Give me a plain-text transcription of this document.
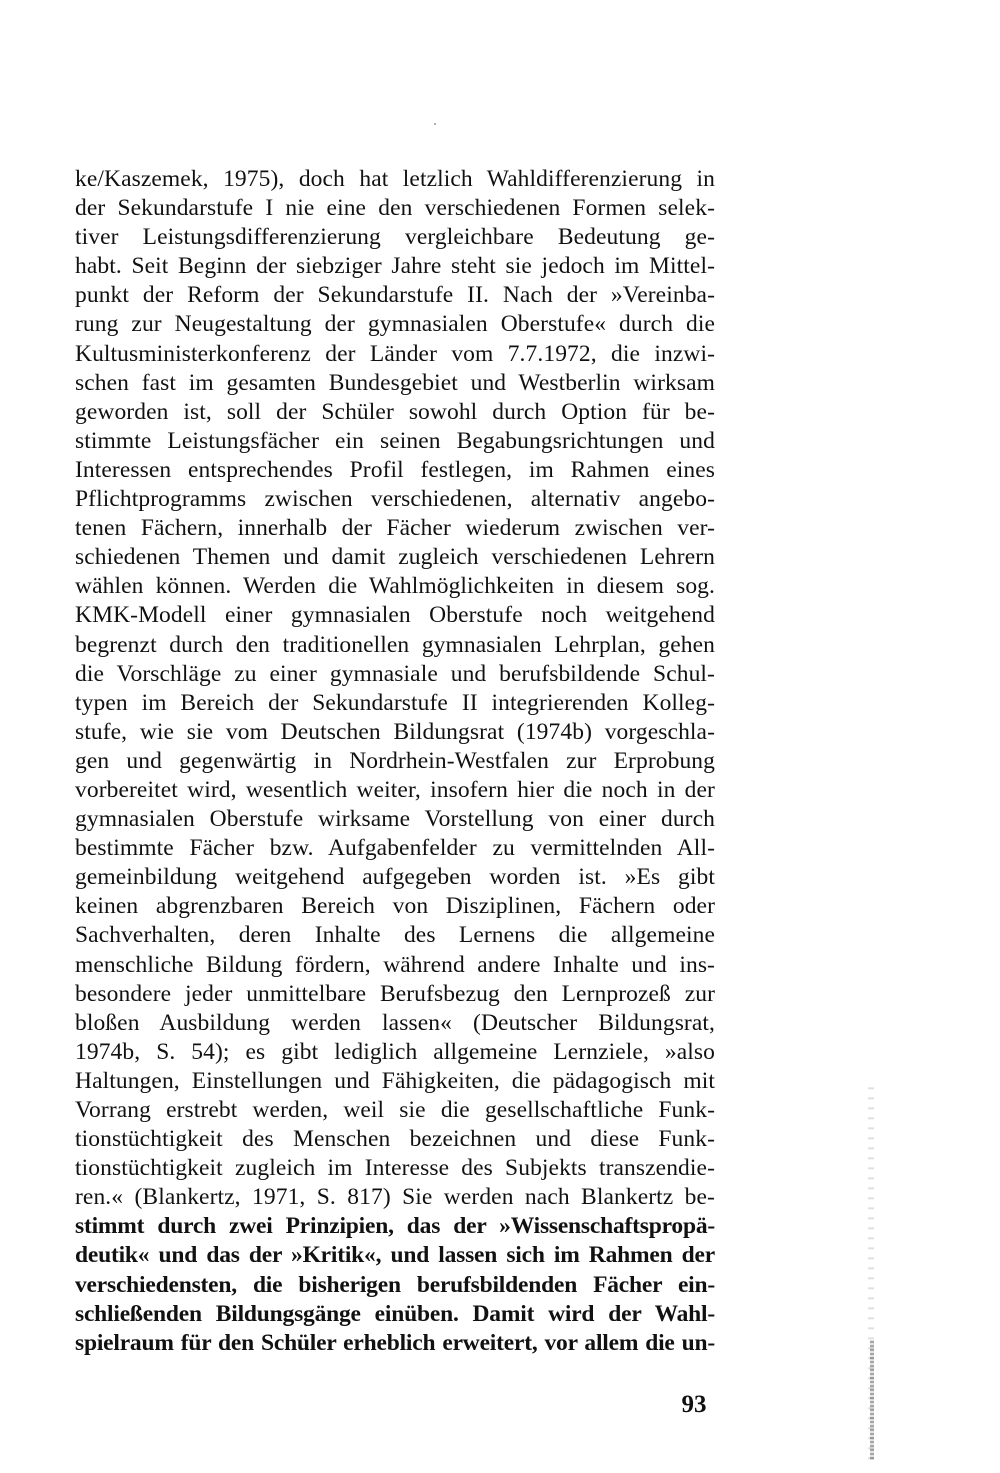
ke/Kaszemek, 1975), doch hat letzlich Wahldifferenzierung in
der Sekundarstufe I nie eine den verschiedenen Formen selek-
tiver Leistungsdifferenzierung vergleichbare Bedeutung ge-
habt. Seit Beginn der siebziger Jahre steht sie jedoch im Mittel-
punkt der Reform der Sekundarstufe II. Nach der »Vereinba-
rung zur Neugestaltung der gymnasialen Oberstufe« durch die
Kultusministerkonferenz der Länder vom 7.7.1972, die inzwi-
schen fast im gesamten Bundesgebiet und Westberlin wirksam
geworden ist, soll der Schüler sowohl durch Option für be-
stimmte Leistungsfächer ein seinen Begabungsrichtungen und
Interessen entsprechendes Profil festlegen, im Rahmen eines
Pflichtprogramms zwischen verschiedenen, alternativ angebo-
tenen Fächern, innerhalb der Fächer wiederum zwischen ver-
schiedenen Themen und damit zugleich verschiedenen Lehrern
wählen können. Werden die Wahlmöglichkeiten in diesem sog.
KMK-Modell einer gymnasialen Oberstufe noch weitgehend
begrenzt durch den traditionellen gymnasialen Lehrplan, gehen
die Vorschläge zu einer gymnasiale und berufsbildende Schul-
typen im Bereich der Sekundarstufe II integrierenden Kolleg-
stufe, wie sie vom Deutschen Bildungsrat (1974b) vorgeschla-
gen und gegenwärtig in Nordrhein-Westfalen zur Erprobung
vorbereitet wird, wesentlich weiter, insofern hier die noch in der
gymnasialen Oberstufe wirksame Vorstellung von einer durch
bestimmte Fächer bzw. Aufgabenfelder zu vermittelnden All-
gemeinbildung weitgehend aufgegeben worden ist. »Es gibt
keinen abgrenzbaren Bereich von Disziplinen, Fächern oder
Sachverhalten, deren Inhalte des Lernens die allgemeine
menschliche Bildung fördern, während andere Inhalte und ins-
besondere jeder unmittelbare Berufsbezug den Lernprozeß zur
bloßen Ausbildung werden lassen« (Deutscher Bildungsrat,
1974b, S. 54); es gibt lediglich allgemeine Lernziele, »also
Haltungen, Einstellungen und Fähigkeiten, die pädagogisch mit
Vorrang erstrebt werden, weil sie die gesellschaftliche Funk-
tionstüchtigkeit des Menschen bezeichnen und diese Funk-
tionstüchtigkeit zugleich im Interesse des Subjekts transzendie-
ren.« (Blankertz, 1971, S. 817) Sie werden nach Blankertz be-
stimmt durch zwei Prinzipien, das der »Wissenschaftspropä-
deutik« und das der »Kritik«, und lassen sich im Rahmen der
verschiedensten, die bisherigen berufsbildenden Fächer ein-
schließenden Bildungsgänge einüben. Damit wird der Wahl-
spielraum für den Schüler erheblich erweitert, vor allem die un-
93
